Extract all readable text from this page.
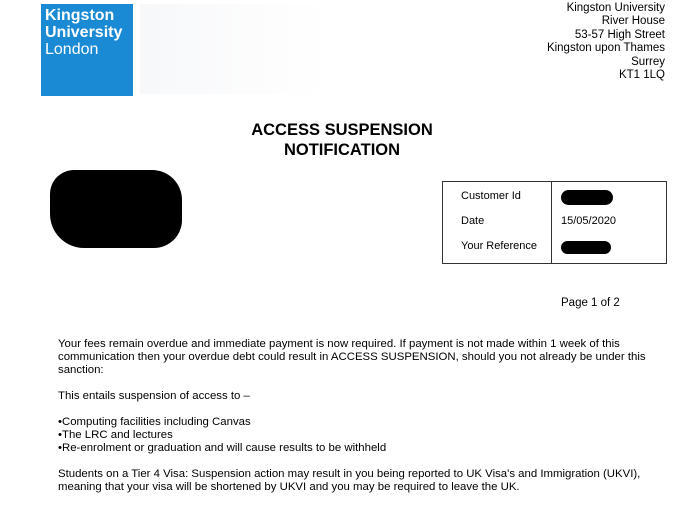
Kingston
University
London
Kingston University
River House
53-57 High Street
Kingston upon Thames
Surrey
KT1 1LQ
ACCESS SUSPENSION
NOTIFICATION
Customer Id
Date	15/05/2020
Your Reference
Page 1 of 2

Your fees remain overdue and immediate payment is now required. If payment is not made within 1 week of this communication then your overdue debt could result in ACCESS SUSPENSION, should you not already be under this sanction:

This entails suspension of access to –

• Computing facilities including Canvas
• The LRC and lectures
• Re-enrolment or graduation and will cause results to be withheld

Students on a Tier 4 Visa: Suspension action may result in you being reported to UK Visa's and Immigration (UKVI), meaning that your visa will be shortened by UKVI and you may be required to leave the UK.
